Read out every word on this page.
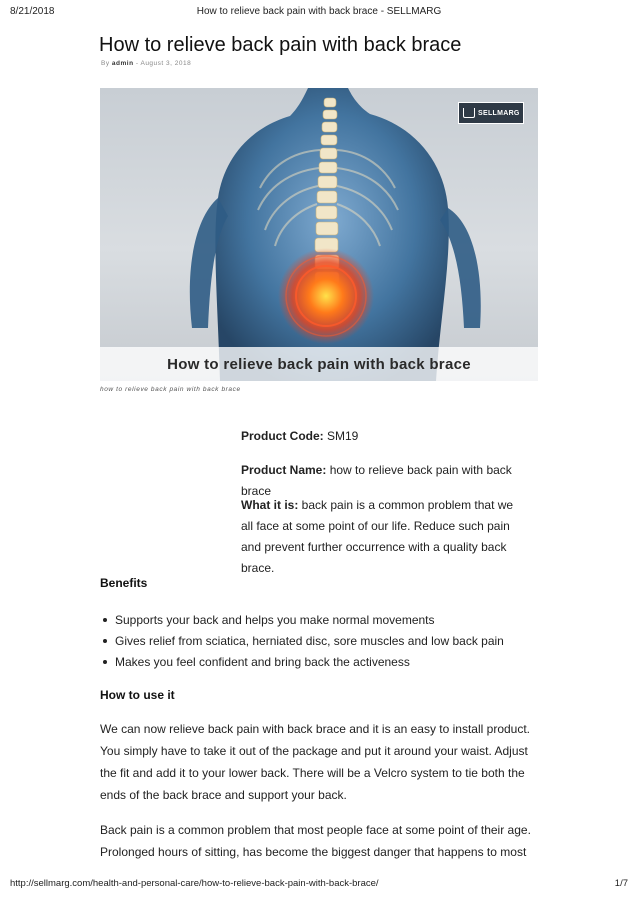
8/21/2018	How to relieve back pain with back brace - SELLMARG
How to relieve back pain with back brace
By admin - August 3, 2018
SELLMARG
How to relieve back pain with back brace
how to relieve back pain with back brace

Product Code: SM19

Product Name: how to relieve back pain with back brace

What it is: back pain is a common problem that we all face at some point of our life. Reduce such pain and prevent further occurrence with a quality back brace.

Benefits
Supports your back and helps you make normal movements
Gives relief from sciatica, herniated disc, sore muscles and low back pain
Makes you feel confident and bring back the activeness
How to use it

We can now relieve back pain with back brace and it is an easy to install product. You simply have to take it out of the package and put it around your waist. Adjust the fit and add it to your lower back. There will be a Velcro system to tie both the ends of the back brace and support your back.

Back pain is a common problem that most people face at some point of their age. Prolonged hours of sitting, has become the biggest danger that happens to most

http://sellmarg.com/health-and-personal-care/how-to-relieve-back-pain-with-back-brace/	1/7
